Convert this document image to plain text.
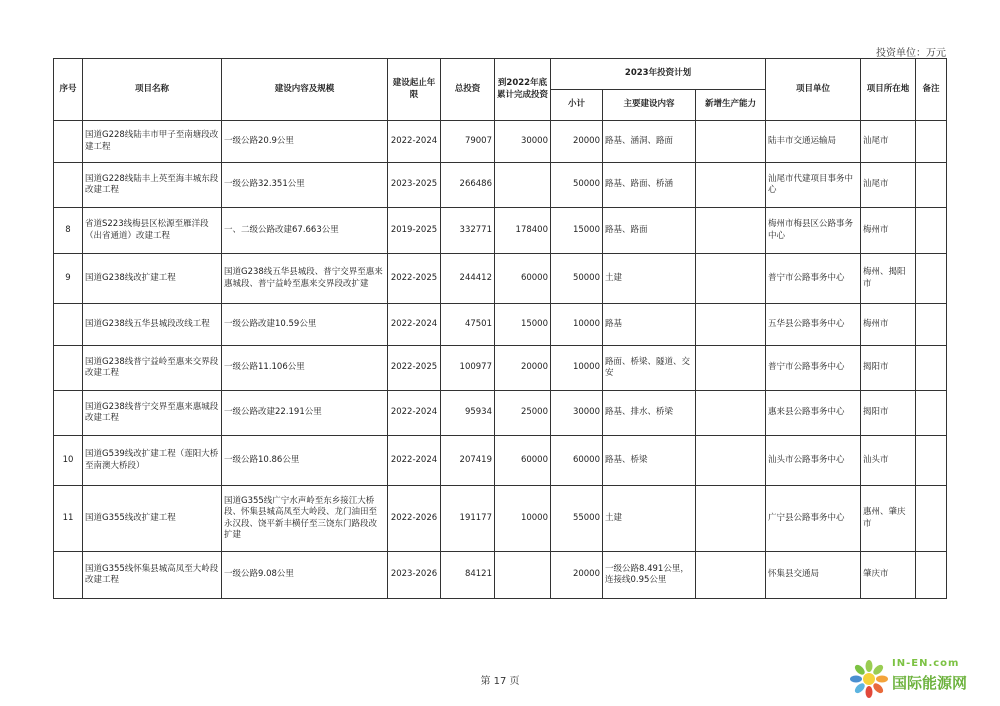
投资单位：万元
序号	项目名称	建设内容及规模	建设起止年限	总投资	到2022年底累计完成投资	2023年投资计划			项目单位	项目所在地	备注
						小计	主要建设内容	新增生产能力			
	国道G228线陆丰市甲子至南塘段改建工程	一级公路20.9公里	2022-2024	79007	30000	20000	路基、涵洞、路面		陆丰市交通运输局	汕尾市	
	国道G228线陆丰上英至海丰城东段改建工程	一级公路32.351公里	2023-2025	266486		50000	路基、路面、桥涵		汕尾市代建项目事务中心	汕尾市	
8	省道S223线梅县区松源至雁洋段（出省通道）改建工程	一、二级公路改建67.663公里	2019-2025	332771	178400	15000	路基、路面		梅州市梅县区公路事务中心	梅州市	
9	国道G238线改扩建工程	国道G238线五华县城段、普宁交界至惠来惠城段、普宁益岭至惠来交界段改扩建	2022-2025	244412	60000	50000	土建		普宁市公路事务中心	梅州、揭阳市	
	国道G238线五华县城段改线工程	一级公路改建10.59公里	2022-2024	47501	15000	10000	路基		五华县公路事务中心	梅州市	
	国道G238线普宁益岭至惠来交界段改建工程	一级公路11.106公里	2022-2025	100977	20000	10000	路面、桥梁、隧道、交安		普宁市公路事务中心	揭阳市	
	国道G238线普宁交界至惠来惠城段改建工程	一级公路改建22.191公里	2022-2024	95934	25000	30000	路基、排水、桥梁		惠来县公路事务中心	揭阳市	
10	国道G539线改扩建工程（莲阳大桥至南澳大桥段）	一级公路10.86公里	2022-2024	207419	60000	60000	路基、桥梁		汕头市公路事务中心	汕头市	
11	国道G355线改扩建工程	国道G355线广宁水声岭至东乡接江大桥段、怀集县城高凤至大岭段、龙门油田至永汉段、饶平新丰横仔至三饶东门路段改扩建	2022-2026	191177	10000	55000	土建		广宁县公路事务中心	惠州、肇庆市	
	国道G355线怀集县城高凤至大岭段改建工程	一级公路9.08公里	2023-2026	84121		20000	一级公路8.491公里，连接线0.95公里		怀集县交通局	肇庆市	
第 17 页
IN-EN.com
国际能源网
